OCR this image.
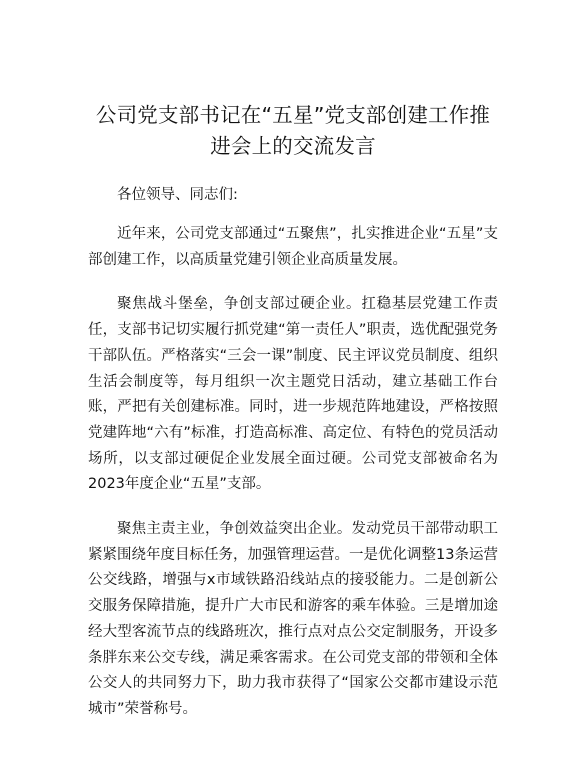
公司党支部书记在“五星”党支部创建工作推进会上的交流发言

各位领导、同志们:

近年来，公司党支部通过“五聚焦”，扎实推进企业“五星”支部创建工作，以高质量党建引领企业高质量发展。

聚焦战斗堡垒，争创支部过硬企业。扛稳基层党建工作责任，支部书记切实履行抓党建“第一责任人”职责，选优配强党务干部队伍。严格落实“三会一课”制度、民主评议党员制度、组织生活会制度等，每月组织一次主题党日活动，建立基础工作台账，严把有关创建标准。同时，进一步规范阵地建设，严格按照党建阵地“六有”标准，打造高标准、高定位、有特色的党员活动场所，以支部过硬促企业发展全面过硬。公司党支部被命名为2023年度企业“五星”支部。

聚焦主责主业，争创效益突出企业。发动党员干部带动职工紧紧围绕年度目标任务，加强管理运营。一是优化调整13条运营公交线路，增强与x市域铁路沿线站点的接驳能力。二是创新公交服务保障措施，提升广大市民和游客的乘车体验。三是增加途经大型客流节点的线路班次，推行点对点公交定制服务，开设多条胖东来公交专线，满足乘客需求。在公司党支部的带领和全体公交人的共同努力下，助力我市获得了“国家公交都市建设示范城市”荣誉称号。
